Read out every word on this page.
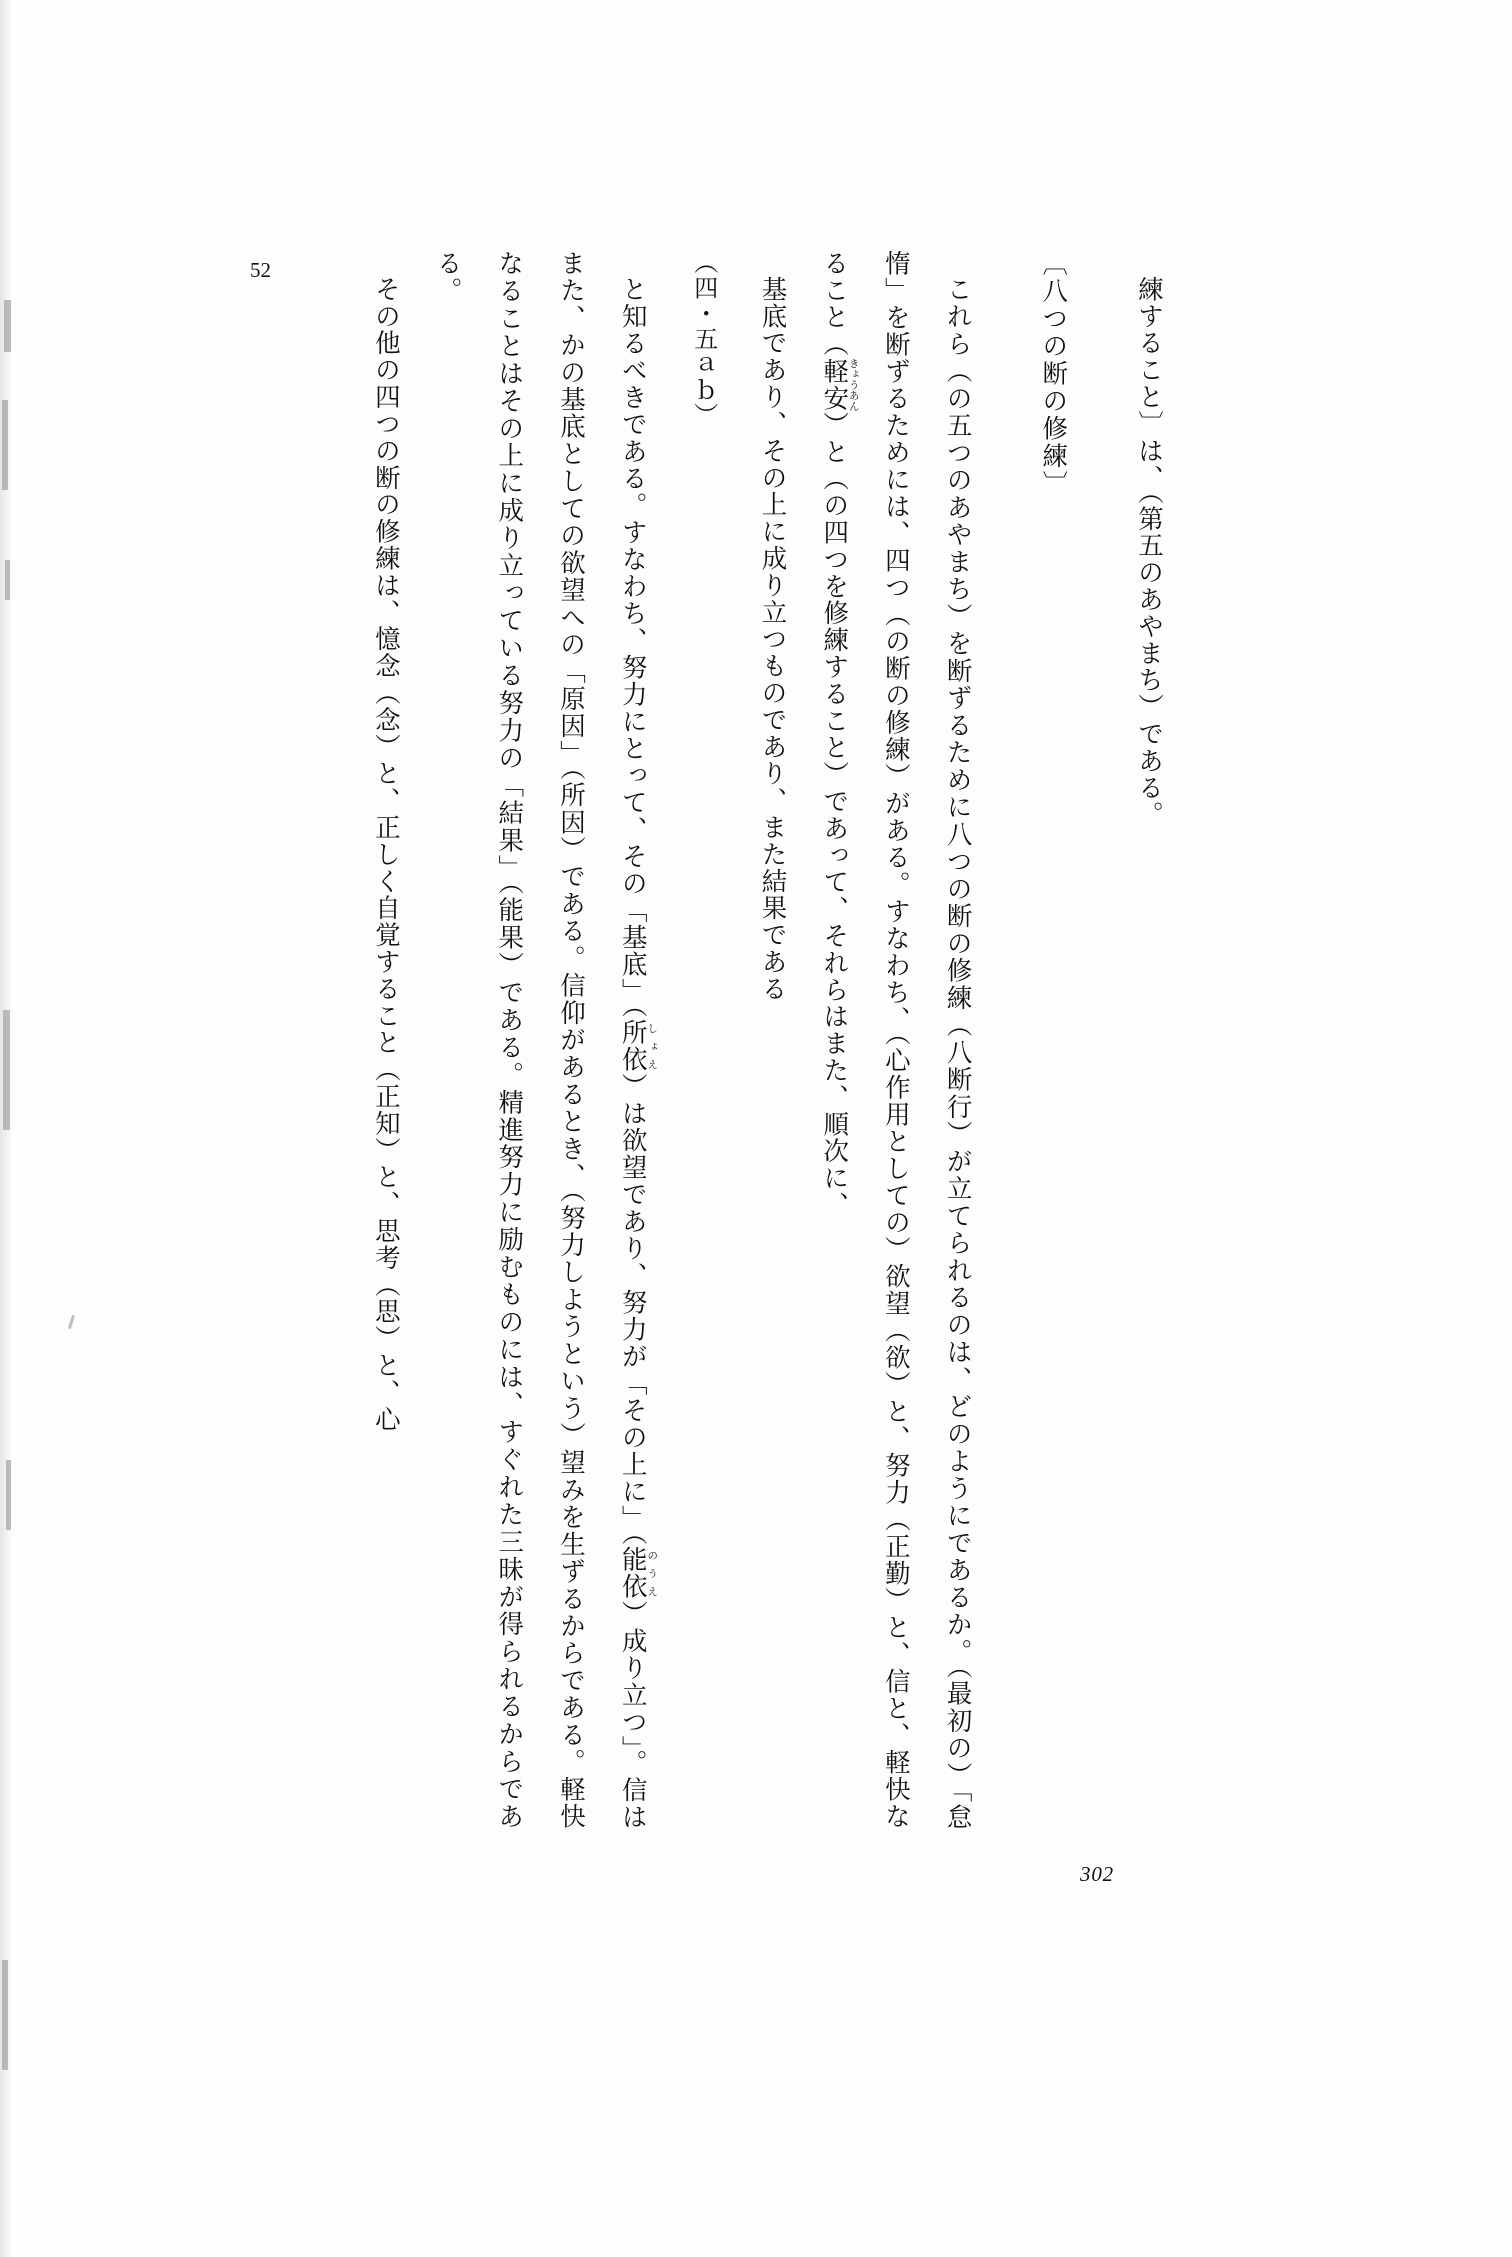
52

練すること〕は、（第五のあやまち）である。

〔八つの断の修練〕

これら（の五つのあやまち）を断ずるために八つの断の修練（八断行）が立てられるのは、どのようにであるか。（最初の）「怠惰」を断ずるためには、四つ（の断の修練）がある。すなわち、（心作用としての）欲望（欲）と、努力（正勤）と、信と、軽快なること（軽安きょうあん）と（の四つを修練すること）であって、それらはまた、順次に、

基底であり、その上に成り立つものであり、また結果である

（四・五ａｂ）

と知るべきである。すなわち、努力にとって、その「基底」（所依しょえ）は欲望であり、努力が「その上に」（能依のうえ）成り立つ」。信はまた、かの基底としての欲望への「原因」（所因）である。信仰があるとき、（努力しようという）望みを生ずるからである。軽快なることはその上に成り立っている努力の「結果」（能果）である。精進努力に励むものには、すぐれた三昧が得られるからである。

その他の四つの断の修練は、憶念（念）と、正しく自覚すること（正知）と、思考（思）と、心

302
